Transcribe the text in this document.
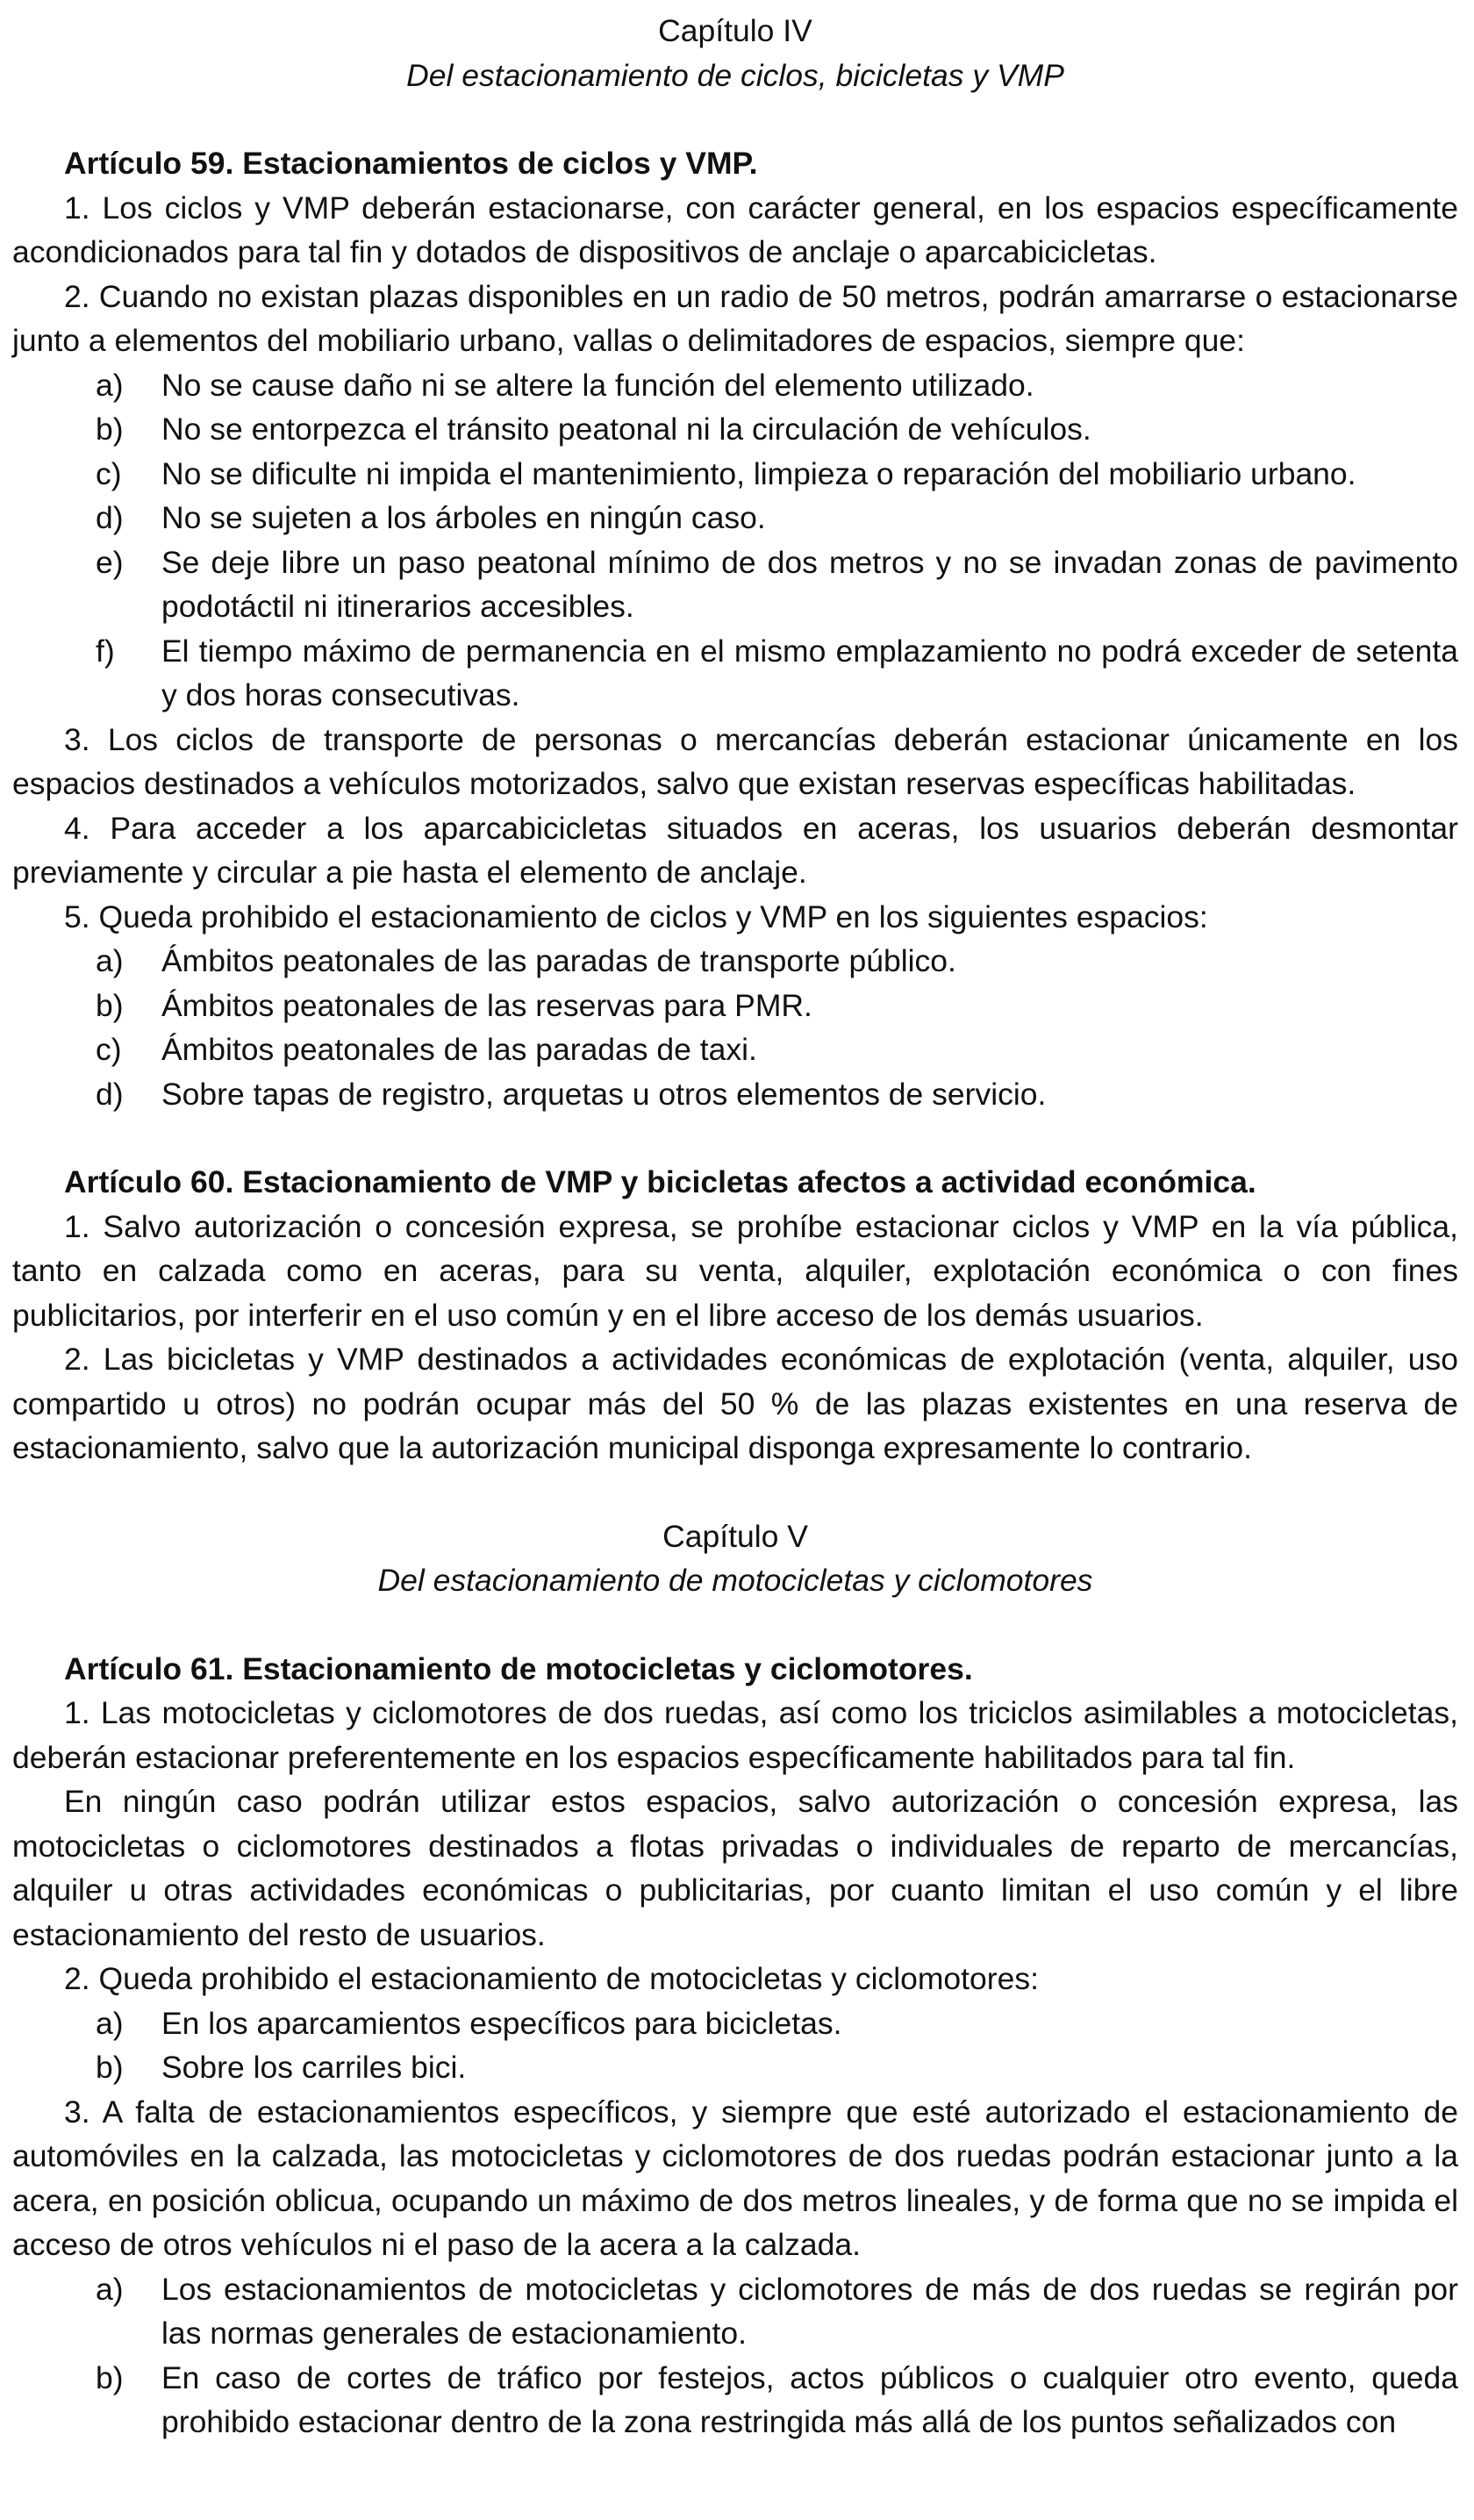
Capítulo IV
Del estacionamiento de ciclos, bicicletas y VMP
Artículo 59. Estacionamientos de ciclos y VMP.

1. Los ciclos y VMP deberán estacionarse, con carácter general, en los espacios específicamente acondicionados para tal fin y dotados de dispositivos de anclaje o aparcabicicletas.

2. Cuando no existan plazas disponibles en un radio de 50 metros, podrán amarrarse o estacionarse junto a elementos del mobiliario urbano, vallas o delimitadores de espacios, siempre que:

a) No se cause daño ni se altere la función del elemento utilizado.
b) No se entorpezca el tránsito peatonal ni la circulación de vehículos.
c) No se dificulte ni impida el mantenimiento, limpieza o reparación del mobiliario urbano.
d) No se sujeten a los árboles en ningún caso.
e) Se deje libre un paso peatonal mínimo de dos metros y no se invadan zonas de pavimento podotáctil ni itinerarios accesibles.
f) El tiempo máximo de permanencia en el mismo emplazamiento no podrá exceder de setenta y dos horas consecutivas.

3. Los ciclos de transporte de personas o mercancías deberán estacionar únicamente en los espacios destinados a vehículos motorizados, salvo que existan reservas específicas habilitadas.

4. Para acceder a los aparcabicicletas situados en aceras, los usuarios deberán desmontar previamente y circular a pie hasta el elemento de anclaje.

5. Queda prohibido el estacionamiento de ciclos y VMP en los siguientes espacios:

a) Ámbitos peatonales de las paradas de transporte público.
b) Ámbitos peatonales de las reservas para PMR.
c) Ámbitos peatonales de las paradas de taxi.
d) Sobre tapas de registro, arquetas u otros elementos de servicio.
Artículo 60. Estacionamiento de VMP y bicicletas afectos a actividad económica.

1. Salvo autorización o concesión expresa, se prohíbe estacionar ciclos y VMP en la vía pública, tanto en calzada como en aceras, para su venta, alquiler, explotación económica o con fines publicitarios, por interferir en el uso común y en el libre acceso de los demás usuarios.

2. Las bicicletas y VMP destinados a actividades económicas de explotación (venta, alquiler, uso compartido u otros) no podrán ocupar más del 50 % de las plazas existentes en una reserva de estacionamiento, salvo que la autorización municipal disponga expresamente lo contrario.

Capítulo V
Del estacionamiento de motocicletas y ciclomotores
Artículo 61. Estacionamiento de motocicletas y ciclomotores.

1. Las motocicletas y ciclomotores de dos ruedas, así como los triciclos asimilables a motocicletas, deberán estacionar preferentemente en los espacios específicamente habilitados para tal fin.

En ningún caso podrán utilizar estos espacios, salvo autorización o concesión expresa, las motocicletas o ciclomotores destinados a flotas privadas o individuales de reparto de mercancías, alquiler u otras actividades económicas o publicitarias, por cuanto limitan el uso común y el libre estacionamiento del resto de usuarios.

2. Queda prohibido el estacionamiento de motocicletas y ciclomotores:

a) En los aparcamientos específicos para bicicletas.
b) Sobre los carriles bici.

3. A falta de estacionamientos específicos, y siempre que esté autorizado el estacionamiento de automóviles en la calzada, las motocicletas y ciclomotores de dos ruedas podrán estacionar junto a la acera, en posición oblicua, ocupando un máximo de dos metros lineales, y de forma que no se impida el acceso de otros vehículos ni el paso de la acera a la calzada.

a) Los estacionamientos de motocicletas y ciclomotores de más de dos ruedas se regirán por las normas generales de estacionamiento.
b) En caso de cortes de tráfico por festejos, actos públicos o cualquier otro evento, queda prohibido estacionar dentro de la zona restringida más allá de los puntos señalizados con
